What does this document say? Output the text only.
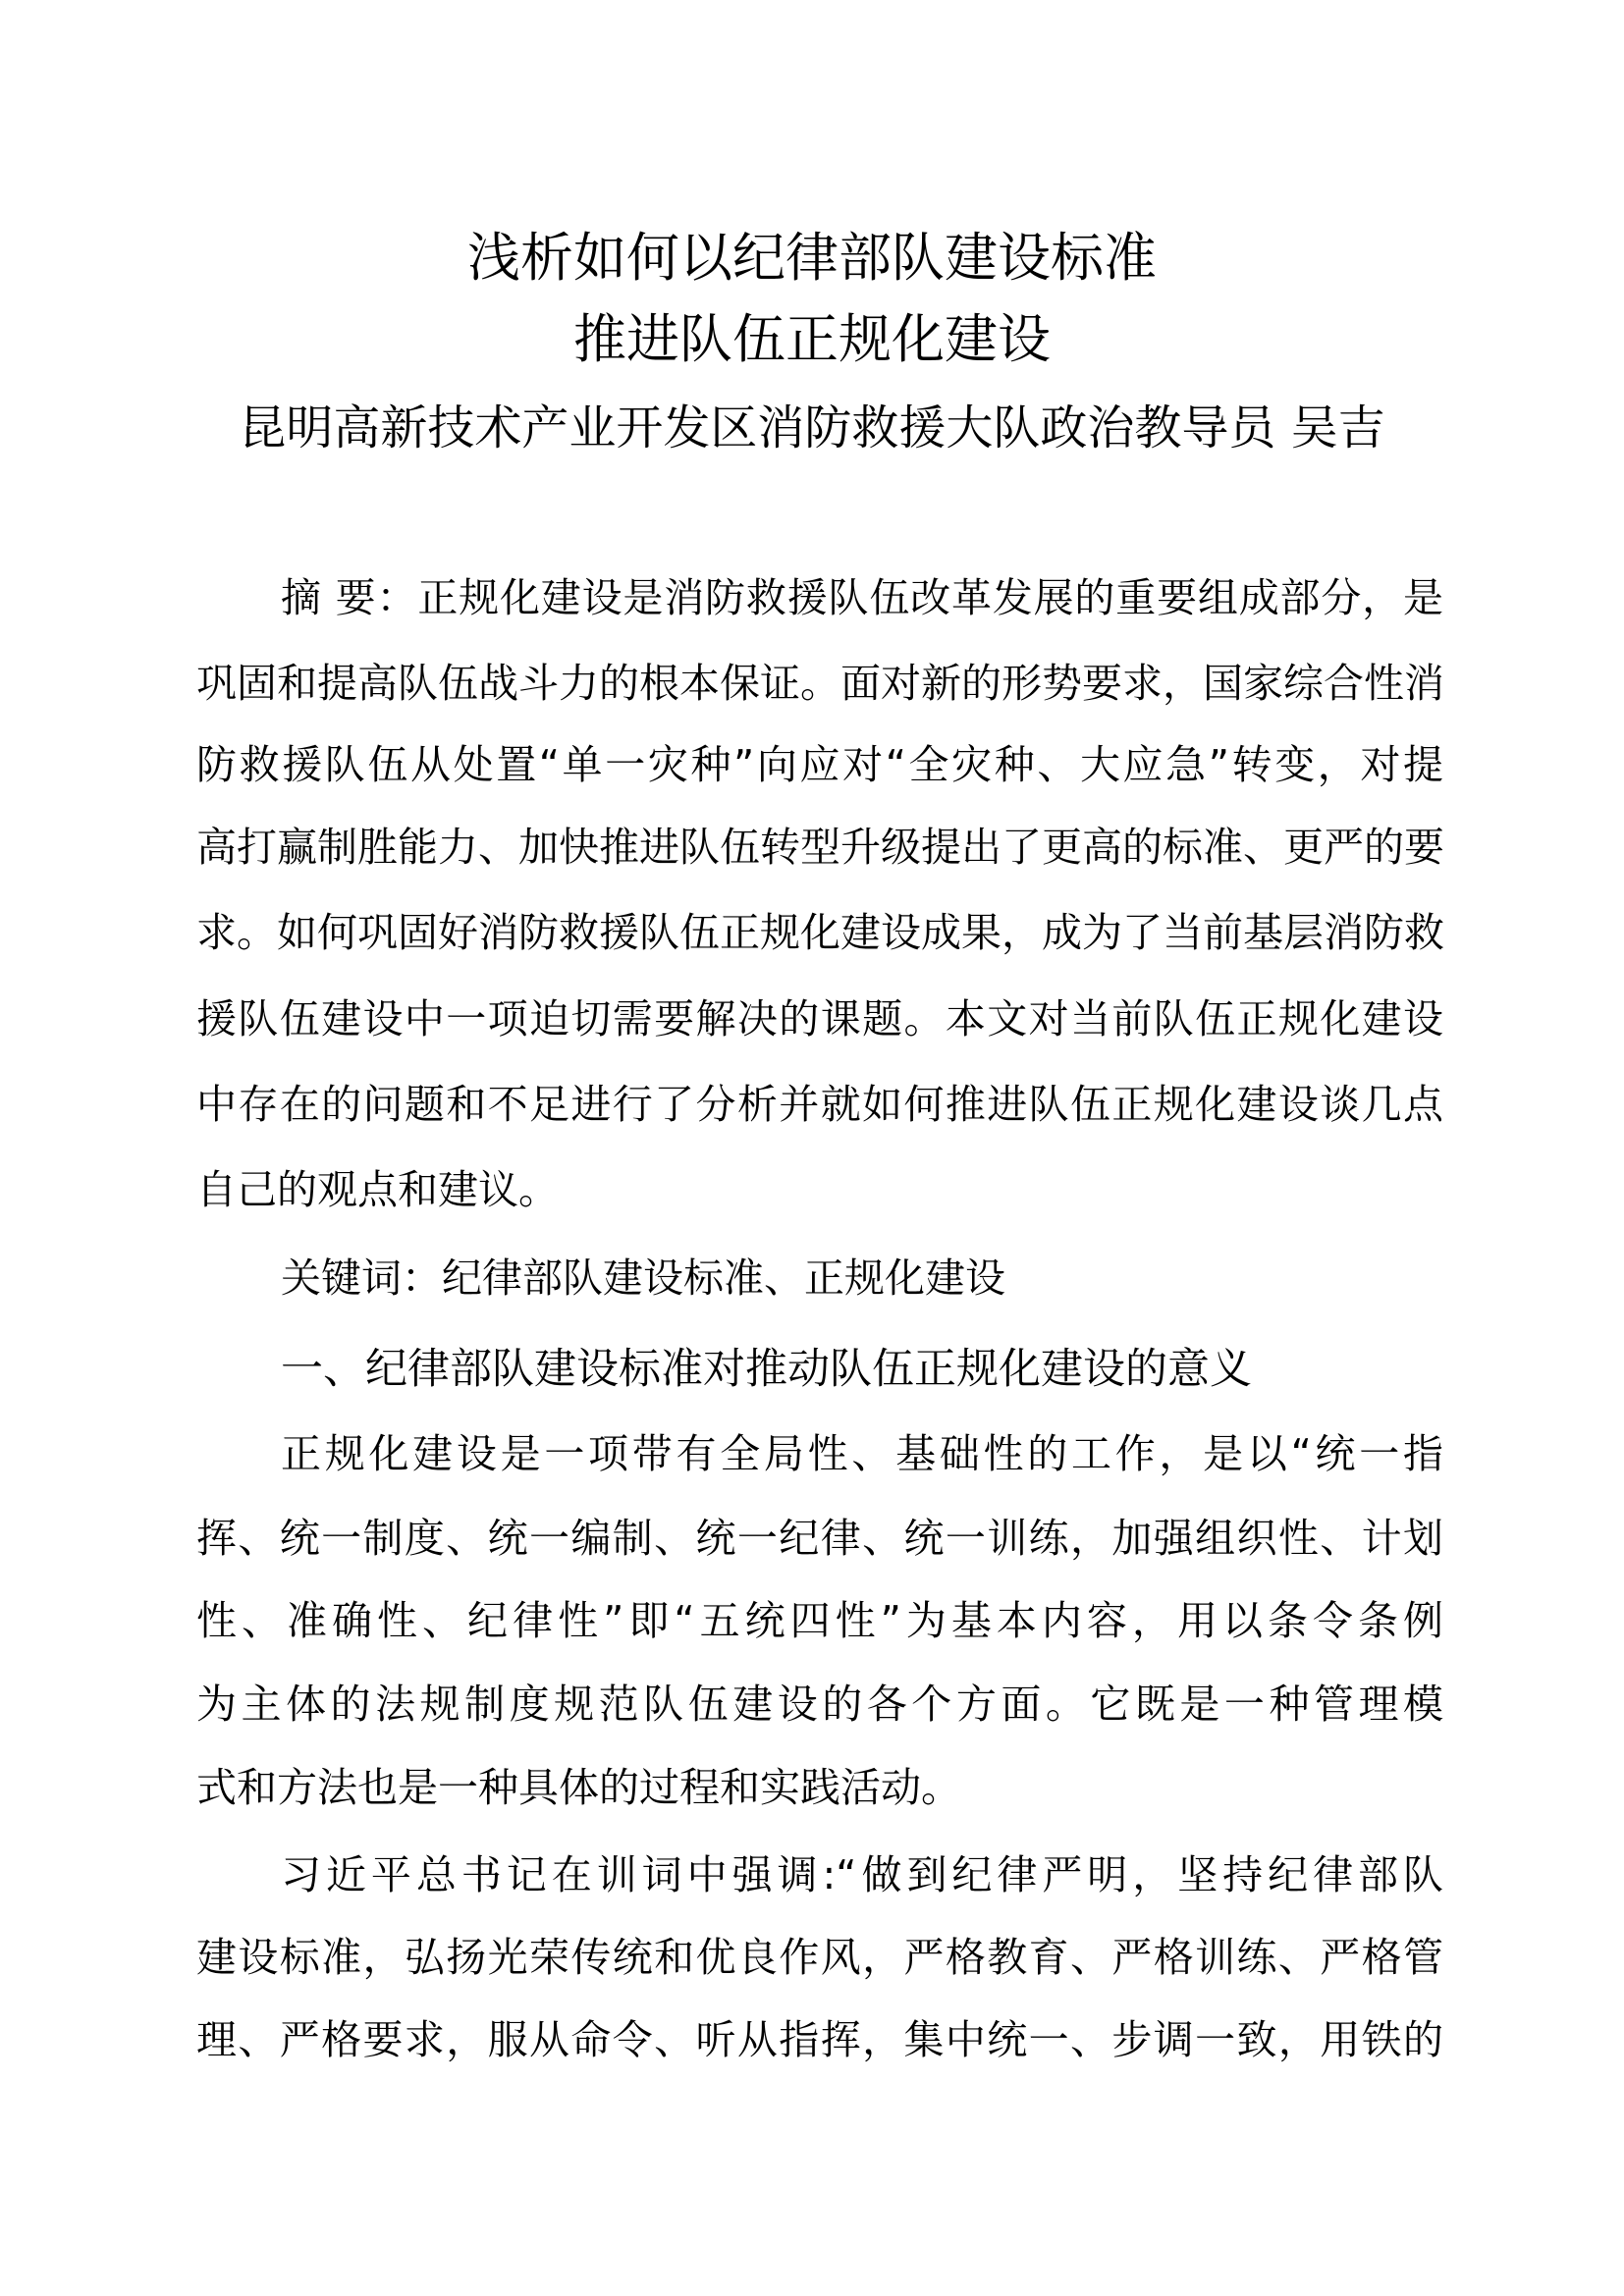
浅析如何以纪律部队建设标准
推进队伍正规化建设
昆明高新技术产业开发区消防救援大队政治教导员 吴吉
摘 要：正规化建设是消防救援队伍改革发展的重要组成部分，是
巩固和提高队伍战斗力的根本保证。面对新的形势要求，国家综合性消
防救援队伍从处置“单一灾种”向应对“全灾种、大应急”转变，对提
高打赢制胜能力、加快推进队伍转型升级提出了更高的标准、更严的要
求。如何巩固好消防救援队伍正规化建设成果，成为了当前基层消防救
援队伍建设中一项迫切需要解决的课题。本文对当前队伍正规化建设
中存在的问题和不足进行了分析并就如何推进队伍正规化建设谈几点
自己的观点和建议。
关键词：纪律部队建设标准、正规化建设
一、纪律部队建设标准对推动队伍正规化建设的意义
正规化建设是一项带有全局性、基础性的工作，是以“统一指
挥、统一制度、统一编制、统一纪律、统一训练，加强组织性、计划
性、准确性、纪律性”即“五统四性”为基本内容，用以条令条例
为主体的法规制度规范队伍建设的各个方面。它既是一种管理模
式和方法也是一种具体的过程和实践活动。
习近平总书记在训词中强调:“做到纪律严明，坚持纪律部队
建设标准，弘扬光荣传统和优良作风，严格教育、严格训练、严格管
理、严格要求，服从命令、听从指挥，集中统一、步调一致，用铁的
